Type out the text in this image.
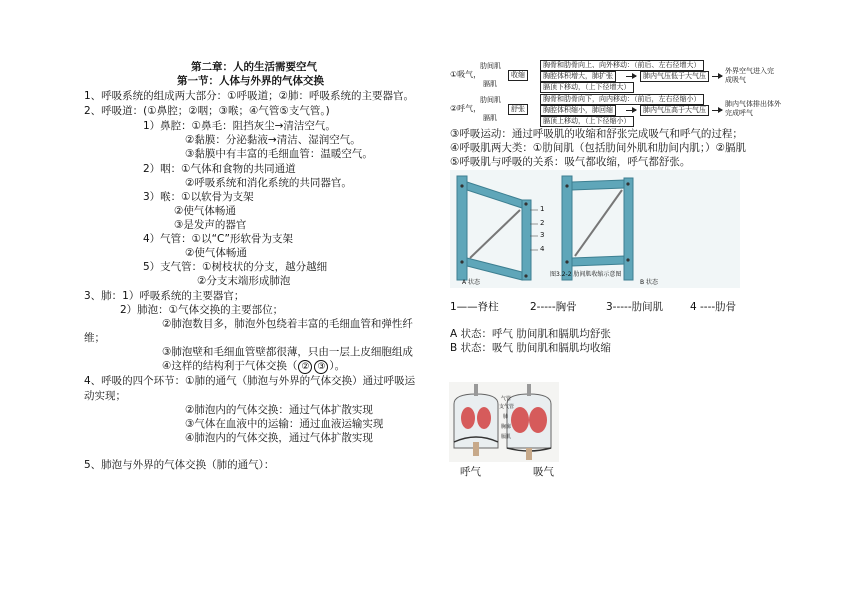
第二章：人的生活需要空气
第一节：人体与外界的气体交换
1、呼吸系统的组成两大部分：①呼吸道；②肺：呼吸系统的主要器官。
2、呼吸道：(①鼻腔；②咽；③喉；④气管⑤支气管。)
1）鼻腔：①鼻毛：阻挡灰尘→清洁空气。
②黏膜：分泌黏液→清洁、湿润空气。
③黏膜中有丰富的毛细血管：温暖空气。
2）咽：①气体和食物的共同通道
②呼吸系统和消化系统的共同器官。
3）喉：①以软骨为支架
②使气体畅通
③是发声的器官
4）气管：①以“C”形软骨为支架
②使气体畅通
5）支气管：①树枝状的分支，越分越细
②分支末端形成肺泡
3、肺：1）呼吸系统的主要器官；
2）肺泡：①气体交换的主要部位；
②肺泡数目多，肺泡外包绕着丰富的毛细血管和弹性纤
维；
③肺泡壁和毛细血管壁都很薄，只由一层上皮细胞组成
④这样的结构利于气体交换（ ② ③ ）。
4、呼吸的四个环节：①肺的通气（肺泡与外界的气体交换）通过呼吸运
动实现；
②肺泡内的气体交换：通过气体扩散实现
③气体在血液中的运输：通过血液运输实现
④肺泡内的气体交换，通过气体扩散实现
5、肺泡与外界的气体交换（肺的通气）：
①吸气，
肋间肌
膈肌
收缩
胸骨和肋骨向上、向外移动：（前后、左右径增大）
胸腔体积增大，肺扩张	肺内气压低于大气压
外界空气进入完成吸气
膈顶下移动，（上下径增大）
②呼气，
肋间肌
膈肌
舒张
胸骨和肋骨向下，向内移动：（前后，左右径缩小）
胸腔体积缩小，肺回缩	肺内气压高于大气压
肺内气体排出体外完成呼气
膈顶上移动，（上下径缩小）
③呼吸运动：通过呼吸肌的收缩和舒张完成吸气和呼气的过程；
④呼吸肌两大类：①肋间肌（包括肋间外肌和肋间内肌；）②膈肌
⑤呼吸肌与呼吸的关系：吸气都收缩，呼气都舒张。
1
2
3
4
图3.2-2 肋间肌收缩示意图
A 状态	B 状态
1——脊柱	2-----胸骨	3-----肋间肌	4 ----肋骨
A 状态：呼气 肋间肌和膈肌均舒张
B 状态：吸气 肋间肌和膈肌均收缩
气管
支气管
肺
胸廓
膈肌
呼气	吸气
